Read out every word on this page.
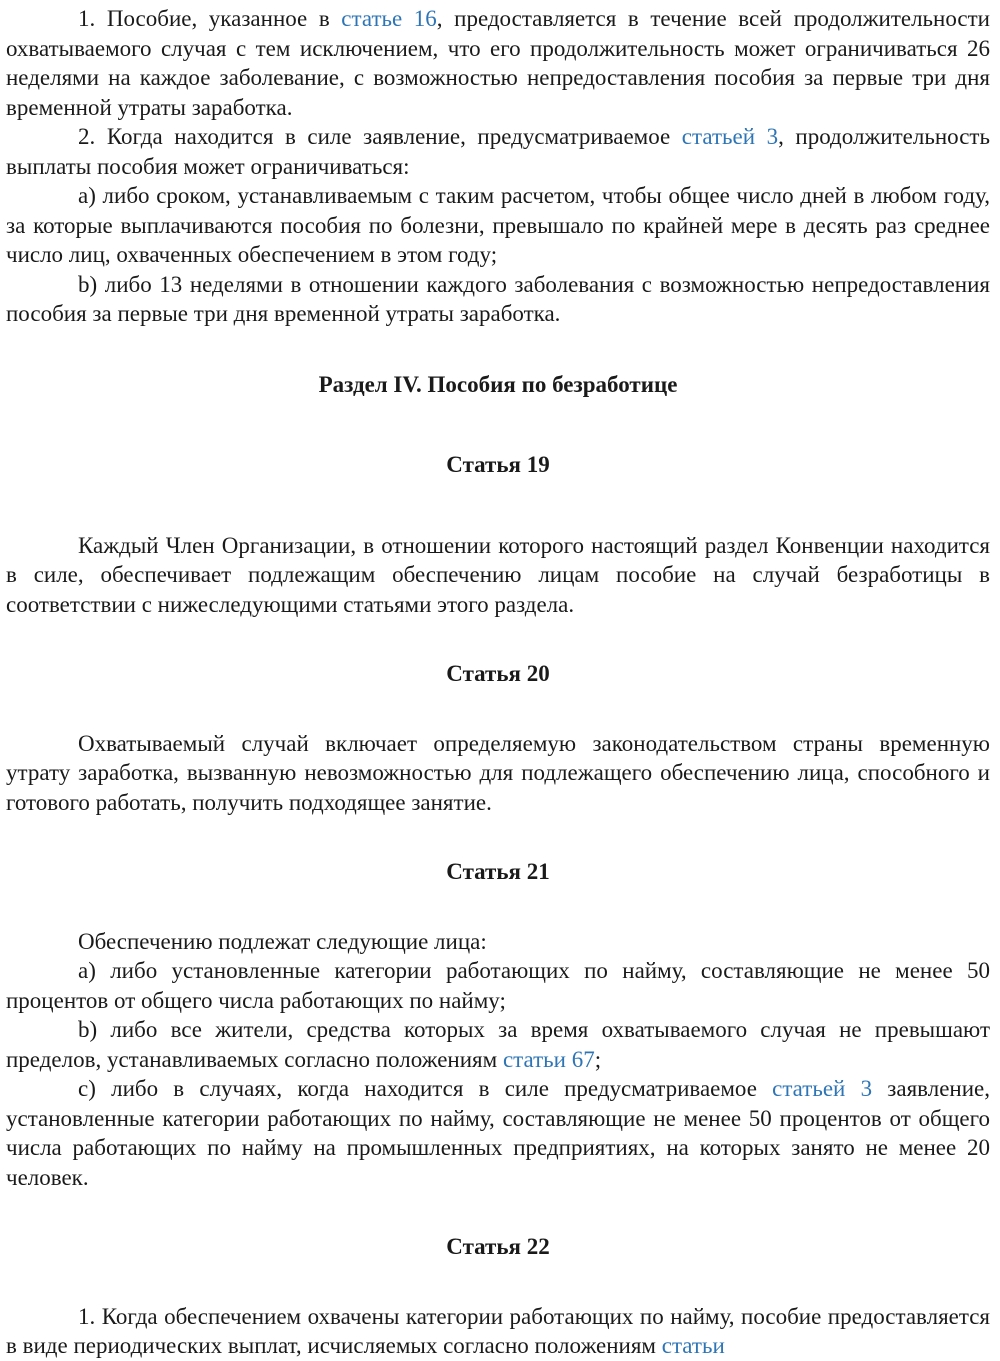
1. Пособие, указанное в статье 16, предоставляется в течение всей продолжительности охватываемого случая с тем исключением, что его продолжительность может ограничиваться 26 неделями на каждое заболевание, с возможностью непредоставления пособия за первые три дня временной утраты заработка.

2. Когда находится в силе заявление, предусматриваемое статьей 3, продолжительность выплаты пособия может ограничиваться:

а) либо сроком, устанавливаемым с таким расчетом, чтобы общее число дней в любом году, за которые выплачиваются пособия по болезни, превышало по крайней мере в десять раз среднее число лиц, охваченных обеспечением в этом году;

b) либо 13 неделями в отношении каждого заболевания с возможностью непредоставления пособия за первые три дня временной утраты заработка.

Раздел IV. Пособия по безработице
Статья 19

Каждый Член Организации, в отношении которого настоящий раздел Конвенции находится в силе, обеспечивает подлежащим обеспечению лицам пособие на случай безработицы в соответствии с нижеследующими статьями этого раздела.

Статья 20

Охватываемый случай включает определяемую законодательством страны временную утрату заработка, вызванную невозможностью для подлежащего обеспечению лица, способного и готового работать, получить подходящее занятие.

Статья 21

Обеспечению подлежат следующие лица:

а) либо установленные категории работающих по найму, составляющие не менее 50 процентов от общего числа работающих по найму;

b) либо все жители, средства которых за время охватываемого случая не превышают пределов, устанавливаемых согласно положениям статьи 67;

с) либо в случаях, когда находится в силе предусматриваемое статьей 3 заявление, установленные категории работающих по найму, составляющие не менее 50 процентов от общего числа работающих по найму на промышленных предприятиях, на которых занято не менее 20 человек.

Статья 22

1. Когда обеспечением охвачены категории работающих по найму, пособие предоставляется в виде периодических выплат, исчисляемых согласно положениям статьи
